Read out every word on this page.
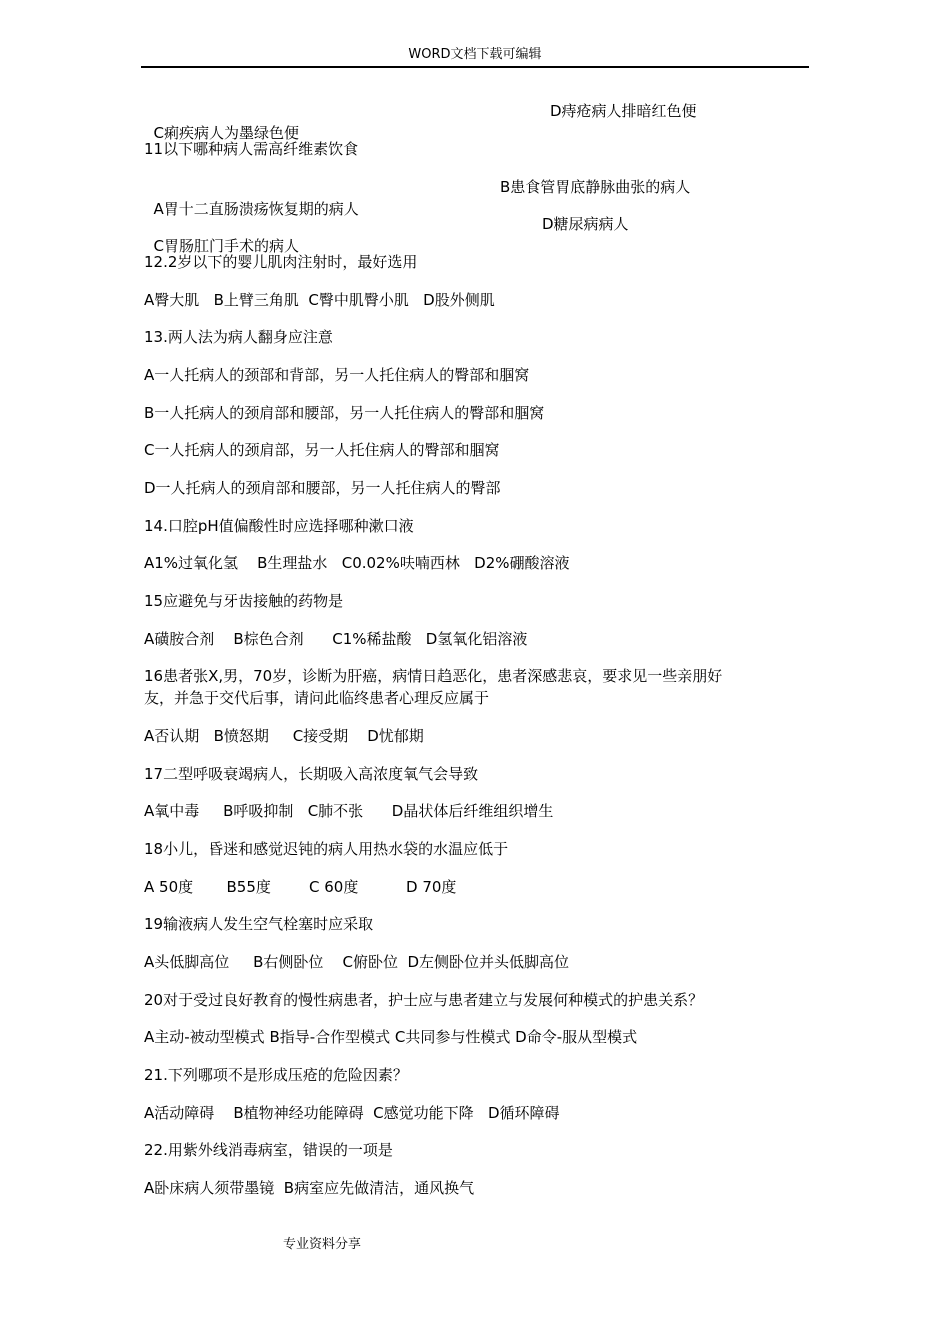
WORD文档下载可编辑

C痢疾病人为墨绿色便

D痔疮病人排暗红色便

11以下哪种病人需高纤维素饮食

A胃十二直肠溃疡恢复期的病人

B患食管胃底静脉曲张的病人

C胃肠肛门手术的病人

D糖尿病病人

12.2岁以下的婴儿肌肉注射时，最好选用
A臀大肌   B上臂三角肌  C臀中肌臀小肌   D股外侧肌
13.两人法为病人翻身应注意
A一人托病人的颈部和背部，另一人托住病人的臀部和腘窝
B一人托病人的颈肩部和腰部，另一人托住病人的臀部和腘窝
C一人托病人的颈肩部，另一人托住病人的臀部和腘窝
D一人托病人的颈肩部和腰部，另一人托住病人的臀部
14.口腔pH值偏酸性时应选择哪种漱口液
A1%过氧化氢    B生理盐水   C0.02%呋喃西林   D2%硼酸溶液
15应避免与牙齿接触的药物是
A磺胺合剂    B棕色合剂      C1%稀盐酸   D氢氧化铝溶液
16患者张X,男，70岁，诊断为肝癌，病情日趋恶化，患者深感悲哀，要求见一些亲朋好
友，并急于交代后事，请问此临终患者心理反应属于
A否认期   B愤怒期     C接受期    D忧郁期
17二型呼吸衰竭病人，长期吸入高浓度氧气会导致
A氧中毒     B呼吸抑制   C肺不张      D晶状体后纤维组织增生
18小儿，昏迷和感觉迟钝的病人用热水袋的水温应低于
A 50度       B55度        C 60度          D 70度
19输液病人发生空气栓塞时应采取
A头低脚高位     B右侧卧位    C俯卧位  D左侧卧位并头低脚高位
20对于受过良好教育的慢性病患者，护士应与患者建立与发展何种模式的护患关系？
A主动-被动型模式 B指导-合作型模式 C共同参与性模式 D命令-服从型模式
21.下列哪项不是形成压疮的危险因素？
A活动障碍    B植物神经功能障碍  C感觉功能下降   D循环障碍
22.用紫外线消毒病室，错误的一项是
A卧床病人须带墨镜  B病室应先做清洁，通风换气
专业资料分享
